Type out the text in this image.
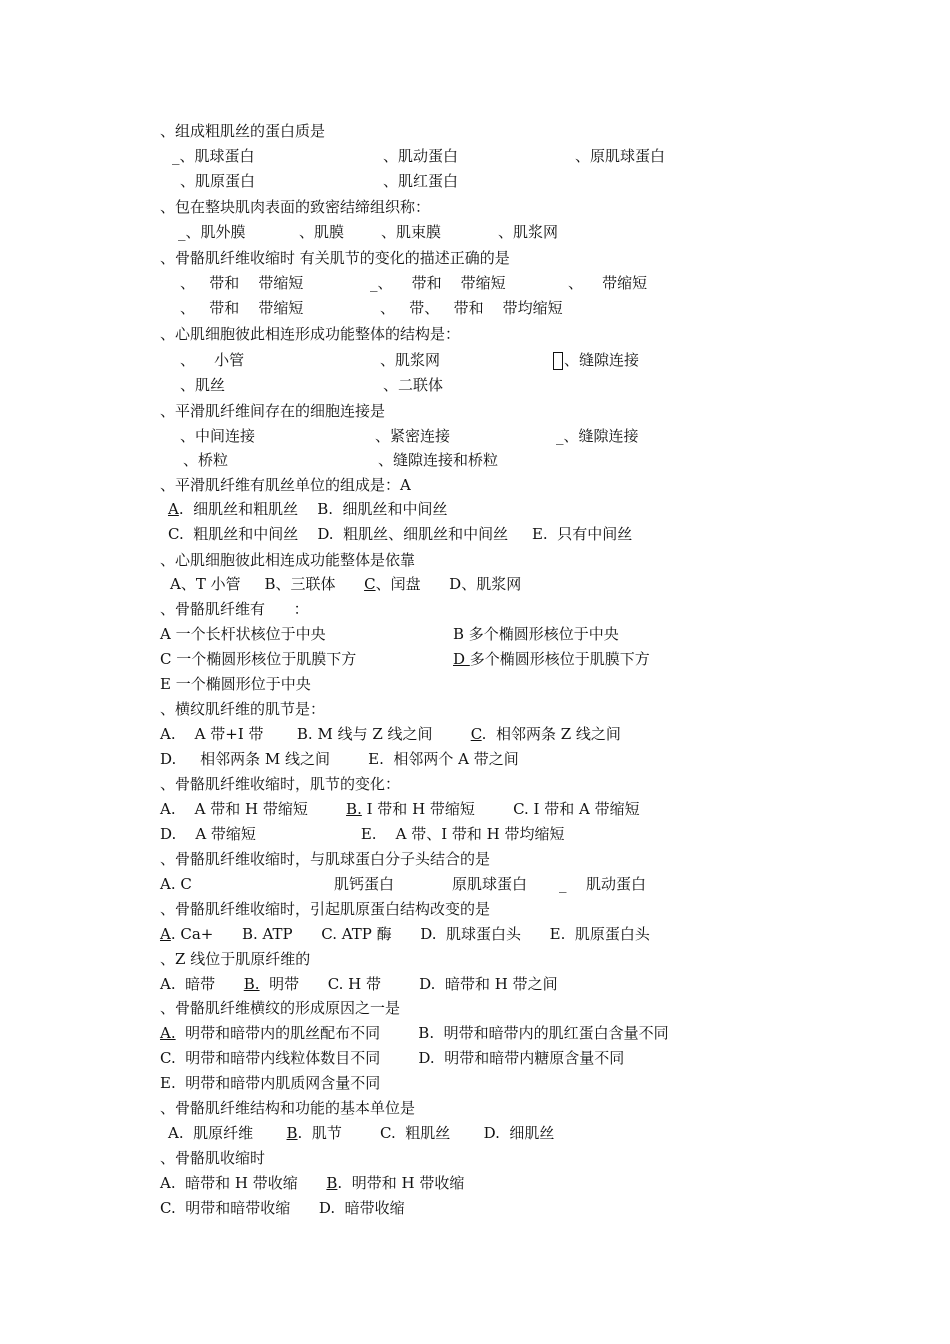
、组成粗肌丝的蛋白质是
_、肌球蛋白	、肌动蛋白	、原肌球蛋白
、肌原蛋白	、肌红蛋白
、包在整块肌肉表面的致密结缔组织称：
_、肌外膜	、肌膜 、肌束膜	、肌浆网
、骨骼肌纤维收缩时 有关肌节的变化的描述正确的是
、   带和    带缩短	_、    带和    带缩短	、    带缩短
、   带和    带缩短	、   带、   带和    带均缩短
、心肌细胞彼此相连形成功能整体的结构是：
、    小管	、肌浆网	、缝隙连接
、肌丝	、二联体
、平滑肌纤维间存在的细胞连接是
、中间连接	、紧密连接	_、缝隙连接
、桥粒	、缝隙连接和桥粒
、平滑肌纤维有肌丝单位的组成是：A
A.  细肌丝和粗肌丝    B.  细肌丝和中间丝
C.  粗肌丝和中间丝    D.  粗肌丝、细肌丝和中间丝     E.  只有中间丝
、心肌细胞彼此相连成功能整体是依靠
A、T 小管     B、三联体      C、闰盘      D、肌浆网
、骨骼肌纤维有      ：
A 一个长杆状核位于中央	B 多个椭圆形核位于中央
C 一个椭圆形核位于肌膜下方	D 多个椭圆形核位于肌膜下方
E 一个椭圆形位于中央
、横纹肌纤维的肌节是：
A.    A 带+I 带       B. M 线与 Z 线之间        C.  相邻两条 Z 线之间
D.     相邻两条 M 线之间        E.  相邻两个 A 带之间
、骨骼肌纤维收缩时，肌节的变化：
A.    A 带和 H 带缩短        B. I 带和 H 带缩短        C. I 带和 A 带缩短
D.    A 带缩短                      E.    A 带、I 带和 H 带均缩短
、骨骼肌纤维收缩时，与肌球蛋白分子头结合的是
A. C	肌钙蛋白	原肌球蛋白 _ 肌动蛋白
、骨骼肌纤维收缩时，引起肌原蛋白结构改变的是
A. Ca+      B. ATP      C. ATP 酶      D.  肌球蛋白头      E.  肌原蛋白头
、Z 线位于肌原纤维的
A.  暗带      B.  明带      C. H 带        D.  暗带和 H 带之间
、骨骼肌纤维横纹的形成原因之一是
A.  明带和暗带内的肌丝配布不同        B.  明带和暗带内的肌红蛋白含量不同
C.  明带和暗带内线粒体数目不同        D.  明带和暗带内糖原含量不同
E.  明带和暗带内肌质网含量不同
、骨骼肌纤维结构和功能的基本单位是
A.  肌原纤维       B.  肌节        C.  粗肌丝       D.  细肌丝
、骨骼肌收缩时
A.  暗带和 H 带收缩      B.  明带和 H 带收缩
C.  明带和暗带收缩      D.  暗带收缩
